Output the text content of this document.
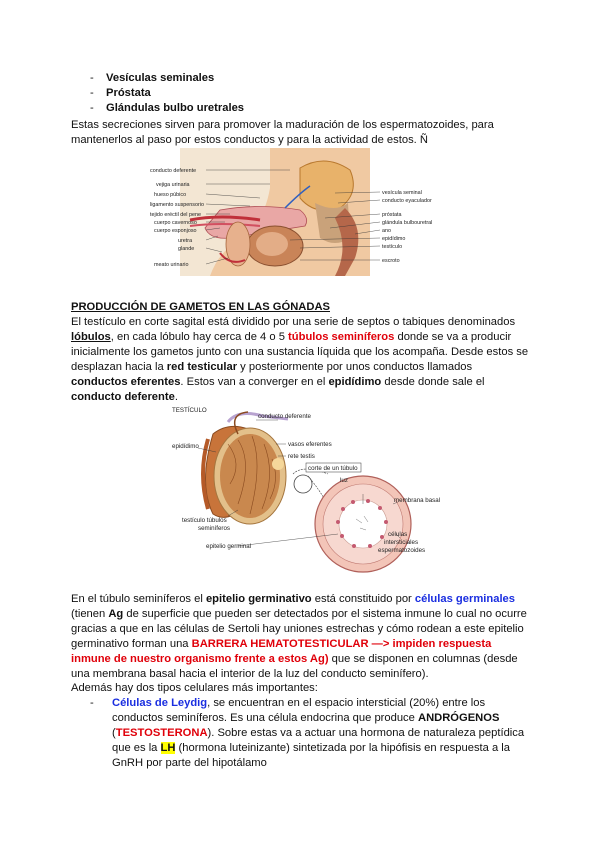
- Vesículas seminales
- Próstata
- Glándulas bulbo uretrales

Estas secreciones sirven para promover la maduración de los espermatozoides, para
mantenerlos al paso por estos conductos y para la actividad de estos. Ñ

conducto deferente
vejiga urinaria
hueso púbico
ligamento suspensorio
tejido eréctil del pene
cuerpo cavernoso
cuerpo esponjoso
uretra
glande
meato urinario
vesícula seminal
conducto eyaculador
próstata
glándula bulbouretral
ano
epidídimo
testículo
escroto
PRODUCCIÓN DE GAMETOS EN LAS GÓNADAS

El testículo en corte sagital está dividido por una serie de septos o tabiques denominados lóbulos, en cada lóbulo hay cerca de 4 o 5 túbulos seminíferos donde se va a producir inicialmente los gametos junto con una sustancia líquida que los acompaña. Desde estos se desplazan hacia la red testicular y posteriormente por unos conductos llamados conductos eferentes. Estos van a converger en el epidídimo desde donde sale el conducto deferente.

TESTÍCULO
conducto deferente
epidídimo	vasos eferentes
rete testis
corte de un túbulo
luz
membrana basal
testículo túbulos
seminíferos
epitelio germinal
células
intersticiales
espermatozoides

En el túbulo seminíferos el epitelio germinativo está constituido por células germinales (tienen Ag de superficie que pueden ser detectados por el sistema inmune lo cual no ocurre gracias a que en las células de Sertoli hay uniones estrechas y cómo rodean a este epitelio germinativo forman una BARRERA HEMATOTESTICULAR —> impiden respuesta inmune de nuestro organismo frente a estos Ag) que se disponen en columnas (desde una membrana basal hacia el interior de la luz del conducto seminífero).

Además hay dos tipos celulares más importantes:

- Células de Leydig, se encuentran en el espacio intersticial (20%) entre los conductos seminíferos. Es una célula endocrina que produce ANDRÓGENOS (TESTOSTERONA). Sobre estas va a actuar una hormona de naturaleza peptídica que es la LH (hormona luteinizante) sintetizada por la hipófisis en respuesta a la GnRH por parte del hipotálamo
